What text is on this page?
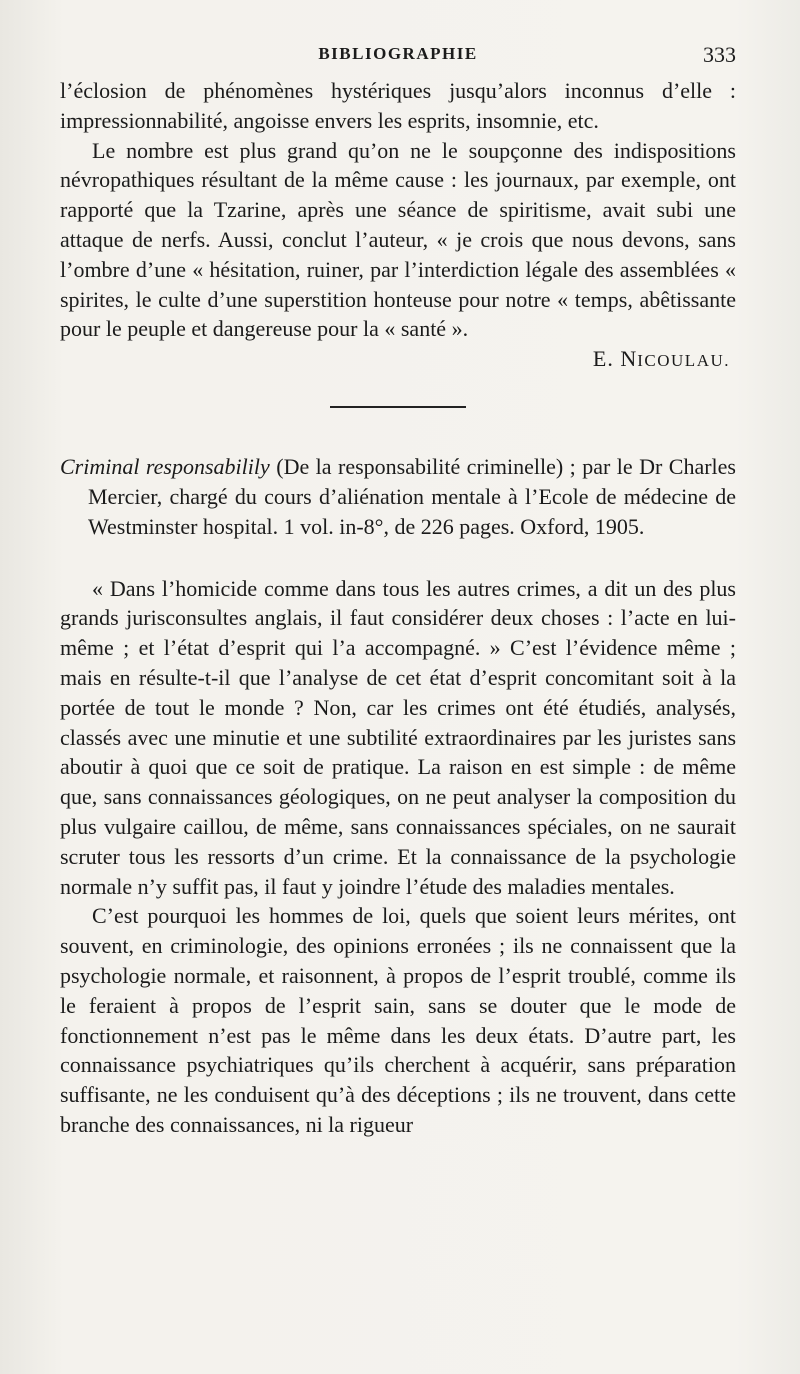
BIBLIOGRAPHIE	333

l’éclosion de phénomènes hystériques jusqu’alors inconnus d’elle : impressionnabilité, angoisse envers les esprits, insomnie, etc.

Le nombre est plus grand qu’on ne le soupçonne des indispositions névropathiques résultant de la même cause : les journaux, par exemple, ont rapporté que la Tzarine, après une séance de spiritisme, avait subi une attaque de nerfs. Aussi, conclut l’auteur, « je crois que nous devons, sans l’ombre d’une « hésitation, ruiner, par l’interdiction légale des assemblées « spirites, le culte d’une superstition honteuse pour notre « temps, abêtissante pour le peuple et dangereuse pour la « santé ».

E. NICOULAU.

Criminal responsabilily (De la responsabilité criminelle) ; par le Dr Charles Mercier, chargé du cours d’aliénation mentale à l’Ecole de médecine de Westminster hospital. 1 vol. in-8°, de 226 pages. Oxford, 1905.

« Dans l’homicide comme dans tous les autres crimes, a dit un des plus grands jurisconsultes anglais, il faut considérer deux choses : l’acte en lui-même ; et l’état d’esprit qui l’a accompagné. » C’est l’évidence même ; mais en résulte-t-il que l’analyse de cet état d’esprit concomitant soit à la portée de tout le monde ? Non, car les crimes ont été étudiés, analysés, classés avec une minutie et une subtilité extraordinaires par les juristes sans aboutir à quoi que ce soit de pratique. La raison en est simple : de même que, sans connaissances géologiques, on ne peut analyser la composition du plus vulgaire caillou, de même, sans connaissances spéciales, on ne saurait scruter tous les ressorts d’un crime. Et la connaissance de la psychologie normale n’y suffit pas, il faut y joindre l’étude des maladies mentales.

C’est pourquoi les hommes de loi, quels que soient leurs mérites, ont souvent, en criminologie, des opinions erronées ; ils ne connaissent que la psychologie normale, et raisonnent, à propos de l’esprit troublé, comme ils le feraient à propos de l’esprit sain, sans se douter que le mode de fonctionnement n’est pas le même dans les deux états. D’autre part, les connaissance psychiatriques qu’ils cherchent à acquérir, sans préparation suffisante, ne les conduisent qu’à des déceptions ; ils ne trouvent, dans cette branche des connaissances, ni la rigueur
